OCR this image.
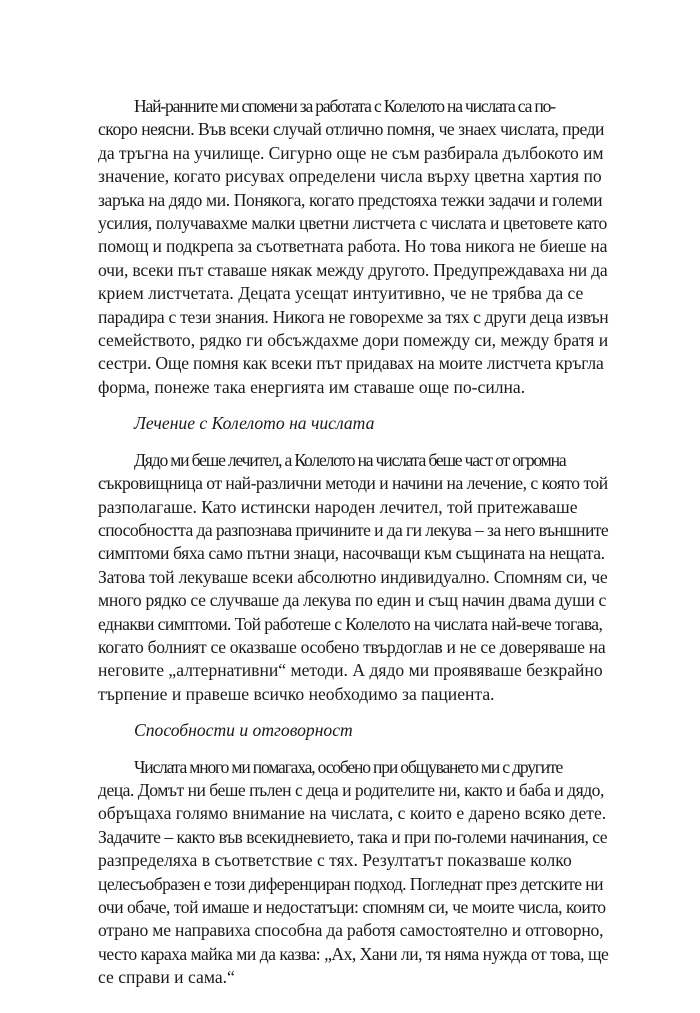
Най-ранните ми спомени за работата с Колелото на числата са по-
скоро неясни. Във всеки случай отлично помня, че знаех числата, преди
да тръгна на училище. Сигурно още не съм разбирала дълбокото им
значение, когато рисувах определени числа върху цветна хартия по
заръка на дядо ми. Понякога, когато предстояха тежки задачи и големи
усилия, получавахме малки цветни листчета с числата и цветовете като
помощ и подкрепа за съответната работа. Но това никога не биеше на
очи, всеки път ставаше някак между другото. Предупреждаваха ни да
крием листчетата. Децата усещат интуитивно, че не трябва да се
парадира с тези знания. Никога не говорехме за тях с други деца извън
семейството, рядко ги обсъждахме дори помежду си, между братя и
сестри. Още помня как всеки път придавах на моите листчета кръгла
форма, понеже така енергията им ставаше още по-силна.
Лечение с Колелото на числата
Дядо ми беше лечител, а Колелото на числата беше част от огромна
съкровищница от най-различни методи и начини на лечение, с която той
разполагаше. Като истински народен лечител, той притежаваше
способността да разпознава причините и да ги лекува – за него външните
симптоми бяха само пътни знаци, насочващи към същината на нещата.
Затова той лекуваше всеки абсолютно индивидуално. Спомням си, че
много рядко се случваше да лекува по един и същ начин двама души с
еднакви симптоми. Той работеше с Колелото на числата най-вече тогава,
когато болният се оказваше особено твърдоглав и не се доверяваше на
неговите „алтернативни“ методи. А дядо ми проявяваше безкрайно
търпение и правеше всичко необходимо за пациента.
Способности и отговорност
Числата много ми помагаха, особено при общуването ми с другите
деца. Домът ни беше пълен с деца и родителите ни, както и баба и дядо,
обръщаха голямо внимание на числата, с които е дарено всяко дете.
Задачите – както във всекидневието, така и при по-големи начинания, се
разпределяха в съответствие с тях. Резултатът показваше колко
целесъобразен е този диференциран подход. Погледнат през детските ни
очи обаче, той имаше и недостатъци: спомням си, че моите числа, които
отрано ме направиха способна да работя самостоятелно и отговорно,
често караха майка ми да казва: „Ах, Хани ли, тя няма нужда от това, ще
се справи и сама.“
